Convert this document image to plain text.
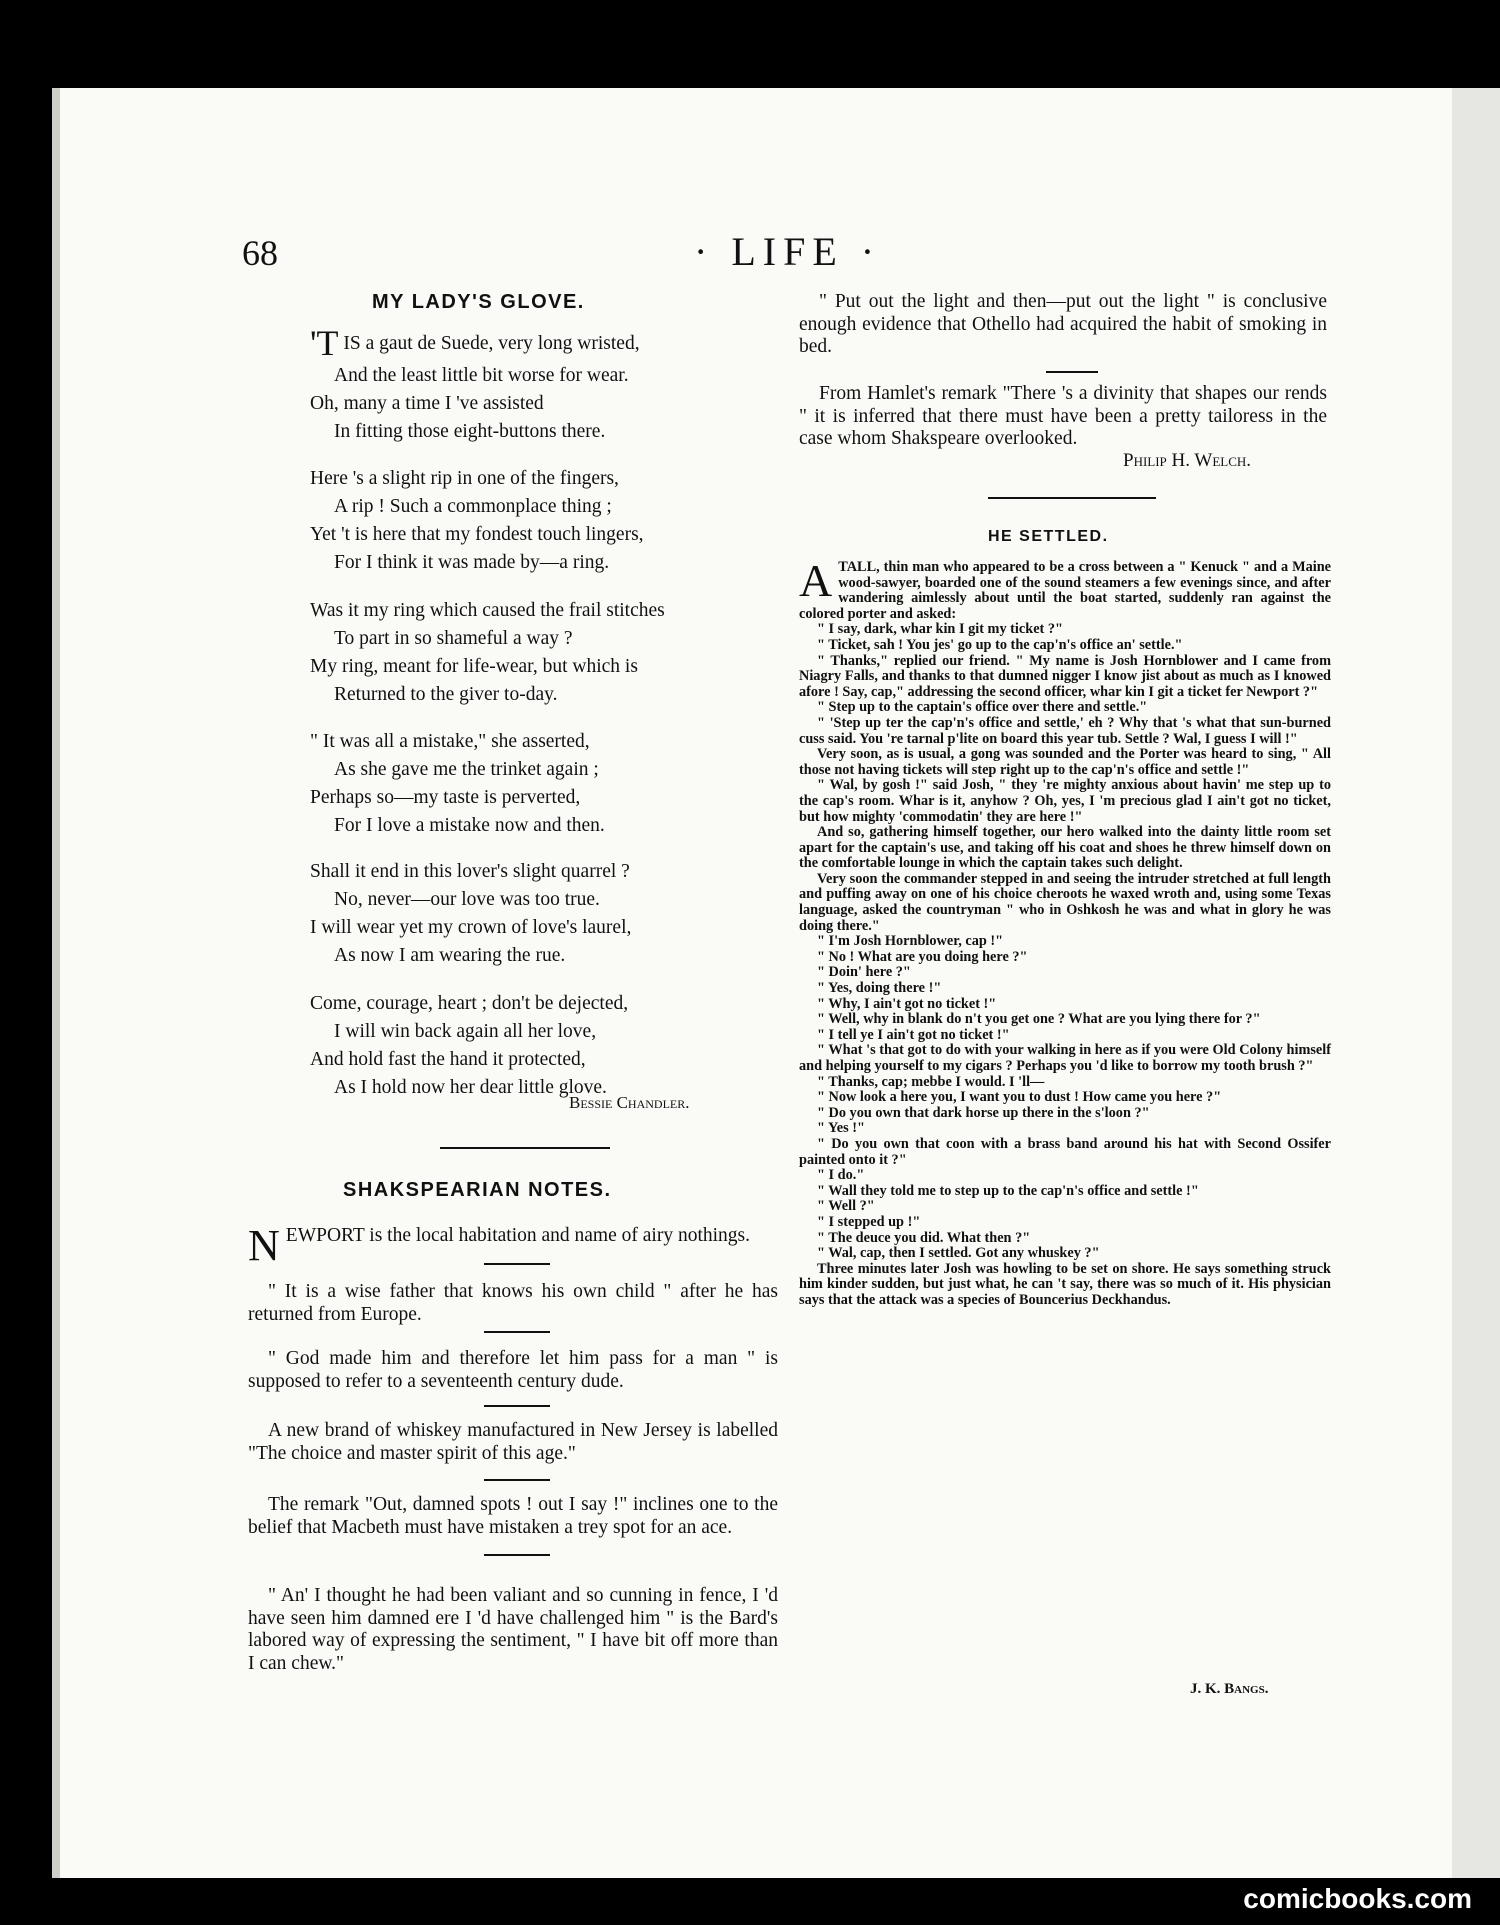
68	· LIFE ·
MY LADY'S GLOVE.
'T IS a gaut de Suede, very long wristed,
And the least little bit worse for wear.
Oh, many a time I 've assisted
In fitting those eight-buttons there.
Here 's a slight rip in one of the fingers,
A rip ! Such a commonplace thing ;
Yet 't is here that my fondest touch lingers,
For I think it was made by—a ring.
Was it my ring which caused the frail stitches
To part in so shameful a way ?
My ring, meant for life-wear, but which is
Returned to the giver to-day.
" It was all a mistake," she asserted,
As she gave me the trinket again ;
Perhaps so—my taste is perverted,
For I love a mistake now and then.
Shall it end in this lover's slight quarrel ?
No, never—our love was too true.
I will wear yet my crown of love's laurel,
As now I am wearing the rue.
Come, courage, heart ; don't be dejected,
I will win back again all her love,
And hold fast the hand it protected,
As I hold now her dear little glove.
Bessie Chandler.
SHAKSPEARIAN NOTES.
NEWPORT is the local habitation and name of airy nothings.
" It is a wise father that knows his own child " after he has returned from Europe.
" God made him and therefore let him pass for a man " is supposed to refer to a seventeenth century dude.
A new brand of whiskey manufactured in New Jersey is labelled "The choice and master spirit of this age."
The remark "Out, damned spots ! out I say !" inclines one to the belief that Macbeth must have mistaken a trey spot for an ace.
" An' I thought he had been valiant and so cunning in fence, I 'd have seen him damned ere I 'd have challenged him " is the Bard's labored way of expressing the sentiment, " I have bit off more than I can chew."
" Put out the light and then—put out the light " is conclusive enough evidence that Othello had acquired the habit of smoking in bed.
From Hamlet's remark "There 's a divinity that shapes our rends " it is inferred that there must have been a pretty tailoress in the case whom Shakspeare overlooked.
Philip H. Welch.
HE SETTLED.
A TALL, thin man who appeared to be a cross between a " Kenuck " and a Maine wood-sawyer, boarded one of the sound steamers a few evenings since, and after wandering aimlessly about until the boat started, suddenly ran against the colored porter and asked:

" I say, dark, whar kin I git my ticket ?"

" Ticket, sah ! You jes' go up to the cap'n's office an' settle."

" Thanks," replied our friend. " My name is Josh Hornblower and I came from Niagry Falls, and thanks to that dumned nigger I know jist about as much as I knowed afore ! Say, cap," addressing the second officer, whar kin I git a ticket fer Newport ?"

" Step up to the captain's office over there and settle."

" 'Step up ter the cap'n's office and settle,' eh ? Why that 's what that sun-burned cuss said. You 're tarnal p'lite on board this year tub. Settle ? Wal, I guess I will !"

Very soon, as is usual, a gong was sounded and the Porter was heard to sing, " All those not having tickets will step right up to the cap'n's office and settle !"

" Wal, by gosh !" said Josh, " they 're mighty anxious about havin' me step up to the cap's room. Whar is it, anyhow ? Oh, yes, I 'm precious glad I ain't got no ticket, but how mighty 'commodatin' they are here !"

And so, gathering himself together, our hero walked into the dainty little room set apart for the captain's use, and taking off his coat and shoes he threw himself down on the comfortable lounge in which the captain takes such delight.

Very soon the commander stepped in and seeing the intruder stretched at full length and puffing away on one of his choice cheroots he waxed wroth and, using some Texas language, asked the countryman " who in Oshkosh he was and what in glory he was doing there."

" I'm Josh Hornblower, cap !"

" No ! What are you doing here ?"

" Doin' here ?"

" Yes, doing there !"

" Why, I ain't got no ticket !"

" Well, why in blank do n't you get one ? What are you lying there for ?"

" I tell ye I ain't got no ticket !"

" What 's that got to do with your walking in here as if you were Old Colony himself and helping yourself to my cigars ? Perhaps you 'd like to borrow my tooth brush ?"

" Thanks, cap; mebbe I would. I 'll—

" Now look a here you, I want you to dust ! How came you here ?"

" Do you own that dark horse up there in the s'loon ?"

" Yes !"

" Do you own that coon with a brass band around his hat with Second Ossifer painted onto it ?"

" I do."

" Wall they told me to step up to the cap'n's office and settle !"

" Well ?"

" I stepped up !"

" The deuce you did. What then ?"

" Wal, cap, then I settled. Got any whuskey ?"

Three minutes later Josh was howling to be set on shore. He says something struck him kinder sudden, but just what, he can 't say, there was so much of it. His physician says that the attack was a species of Bouncerius Deckhandus.

J. K. Bangs.
comicbooks.com
